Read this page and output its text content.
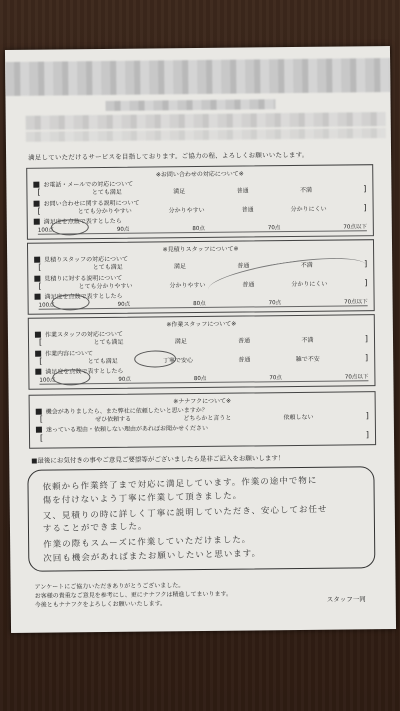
満足していただけるサービスを目指しております。ご協力の程、よろしくお願いいたします。
※お問い合わせの対応について※
お電話・メールでの対応について
[	とても満足	満足	普通	不満	]
お問い合わせに関する説明について
[	とても分かりやすい	分かりやすい	普通	分かりにくい	]
満足度を点数で表すとしたら
100点	90点	80点	70点	70点以下
※見積りスタッフについて※
見積りスタッフの対応について
[	とても満足	満足	普通	不満	]
見積りに対する説明について
[	とても分かりやすい	分かりやすい	普通	分かりにくい	]
満足度を点数で表すとしたら
100点	90点	80点	70点	70点以下
※作業スタッフについて※
作業スタッフの対応について
[	とても満足	満足	普通	不満	]
作業内容について
[	とても満足	丁寧で安心	普通	雑で不安	]
満足度を点数で表すとしたら
100点	90点	80点	70点	70点以下
※ナナフクについて※
機会がありましたら、また弊社に依頼したいと思いますか？
[	ぜひ依頼する	どちらかと言うと	依頼しない	]
迷っている理由・依頼しない理由があればお聞かせください
[	]
■最後にお気付きの事やご意見ご要望等がございましたら是非ご記入をお願いします！
依頼から作業終了まで対応に満足しています。作業の途中で物に
傷を付けないよう丁寧に作業して頂きました。
又、見積りの時に詳しく丁寧に説明していただき、安心してお任せ
することができました。
作業の際もスムーズに作業していただけました。
次回も機会があればまたお願いしたいと思います。
アンケートにご協力いただきありがとうございました。
お客様の貴重なご意見を参考にし、更にナナフクは精進してまいります。
今後ともナナフクをよろしくお願いいたします。
スタッフ一同
